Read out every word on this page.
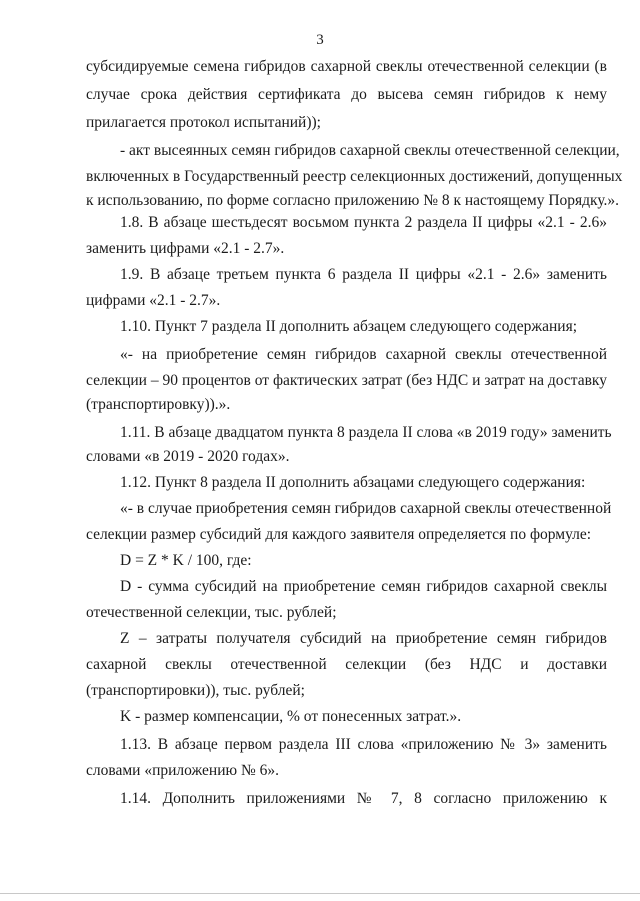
3
субсидируемые семена гибридов сахарной свеклы отечественной селекции (в
случае срока действия сертификата до высева семян гибридов к нему
прилагается протокол испытаний));
- акт высеянных семян гибридов сахарной свеклы отечественной селекции,
включенных в Государственный реестр селекционных достижений, допущенных
к использованию, по форме согласно приложению № 8 к настоящему Порядку.».
1.8. В абзаце шестьдесят восьмом пункта 2 раздела II цифры «2.1 - 2.6»
заменить цифрами «2.1 - 2.7».
1.9. В абзаце третьем пункта 6 раздела II цифры «2.1 - 2.6» заменить
цифрами «2.1 - 2.7».
1.10. Пункт 7 раздела II дополнить абзацем следующего содержания;
«- на приобретение семян гибридов сахарной свеклы отечественной
селекции – 90 процентов от фактических затрат (без НДС и затрат на доставку
(транспортировку)).».
1.11. В абзаце двадцатом пункта 8 раздела II слова «в 2019 году» заменить
словами «в 2019 - 2020 годах».
1.12. Пункт 8 раздела II дополнить абзацами следующего содержания:
«- в случае приобретения семян гибридов сахарной свеклы отечественной
селекции размер субсидий для каждого заявителя определяется по формуле:
D = Z * K / 100, где:
D - сумма субсидий на приобретение семян гибридов сахарной свеклы
отечественной селекции, тыс. рублей;
Z – затраты получателя субсидий на приобретение семян гибридов
сахарной свеклы отечественной селекции (без НДС и доставки
(транспортировки)), тыс. рублей;
K - размер компенсации, % от понесенных затрат.».
1.13. В абзаце первом раздела III слова «приложению № 3» заменить
словами «приложению № 6».
1.14. Дополнить приложениями № 7, 8 согласно приложению к
